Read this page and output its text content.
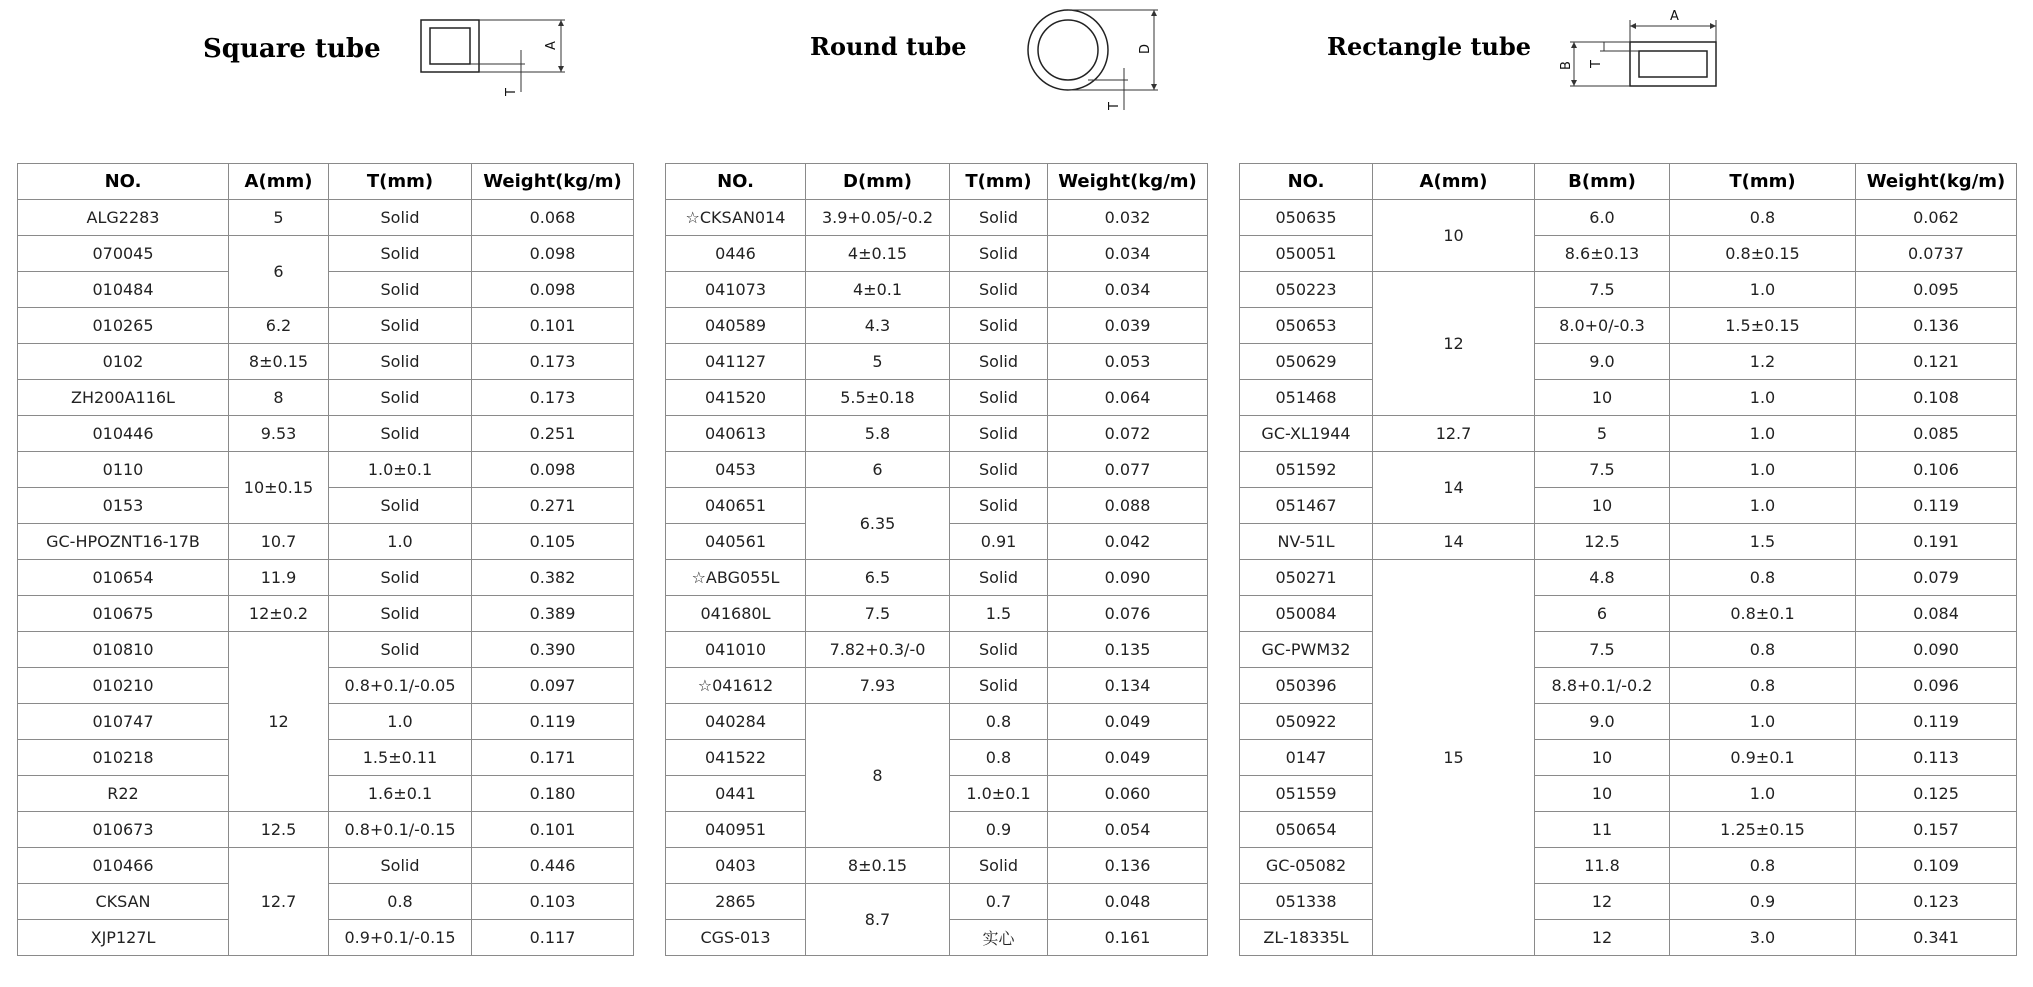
Square tube	Round tube	Rectangle tube
A
T
D
T
A
B T
NO.	A(mm)	T(mm)	Weight(kg/m)		NO.	D(mm)	T(mm)	Weight(kg/m)		NO.	A(mm)	B(mm)	T(mm)	Weight(kg/m)
ALG2283	5	Solid	0.068		☆CKSAN014	3.9+0.05/-0.2	Solid	0.032		050635	10	6.0	0.8	0.062
070045	6	Solid	0.098		0446	4±0.15	Solid	0.034		050051		8.6±0.13	0.8±0.15	0.0737
010484		Solid	0.098		041073	4±0.1	Solid	0.034		050223	12	7.5	1.0	0.095
010265	6.2	Solid	0.101		040589	4.3	Solid	0.039		050653		8.0+0/-0.3	1.5±0.15	0.136
0102	8±0.15	Solid	0.173		041127	5	Solid	0.053		050629		9.0	1.2	0.121
ZH200A116L	8	Solid	0.173		041520	5.5±0.18	Solid	0.064		051468		10	1.0	0.108
010446	9.53	Solid	0.251		040613	5.8	Solid	0.072		GC-XL1944	12.7	5	1.0	0.085
0110	10±0.15	1.0±0.1	0.098		0453	6	Solid	0.077		051592	14	7.5	1.0	0.106
0153		Solid	0.271		040651	6.35	Solid	0.088		051467		10	1.0	0.119
GC-HPOZNT16-17B	10.7	1.0	0.105		040561		0.91	0.042		NV-51L	14	12.5	1.5	0.191
010654	11.9	Solid	0.382		☆ABG055L	6.5	Solid	0.090		050271	15	4.8	0.8	0.079
010675	12±0.2	Solid	0.389		041680L	7.5	1.5	0.076		050084		6	0.8±0.1	0.084
010810	12	Solid	0.390		041010	7.82+0.3/-0	Solid	0.135		GC-PWM32		7.5	0.8	0.090
010210		0.8+0.1/-0.05	0.097		☆041612	7.93	Solid	0.134		050396		8.8+0.1/-0.2	0.8	0.096
010747		1.0	0.119		040284	8	0.8	0.049		050922		9.0	1.0	0.119
010218		1.5±0.11	0.171		041522		0.8	0.049		0147		10	0.9±0.1	0.113
R22		1.6±0.1	0.180		0441		1.0±0.1	0.060		051559		10	1.0	0.125
010673	12.5	0.8+0.1/-0.15	0.101		040951		0.9	0.054		050654		11	1.25±0.15	0.157
010466	12.7	Solid	0.446		0403	8±0.15	Solid	0.136		GC-05082		11.8	0.8	0.109
CKSAN		0.8	0.103		2865	8.7	0.7	0.048		051338		12	0.9	0.123
XJP127L		0.9+0.1/-0.15	0.117		CGS-013		实心	0.161		ZL-18335L		12	3.0	0.341
